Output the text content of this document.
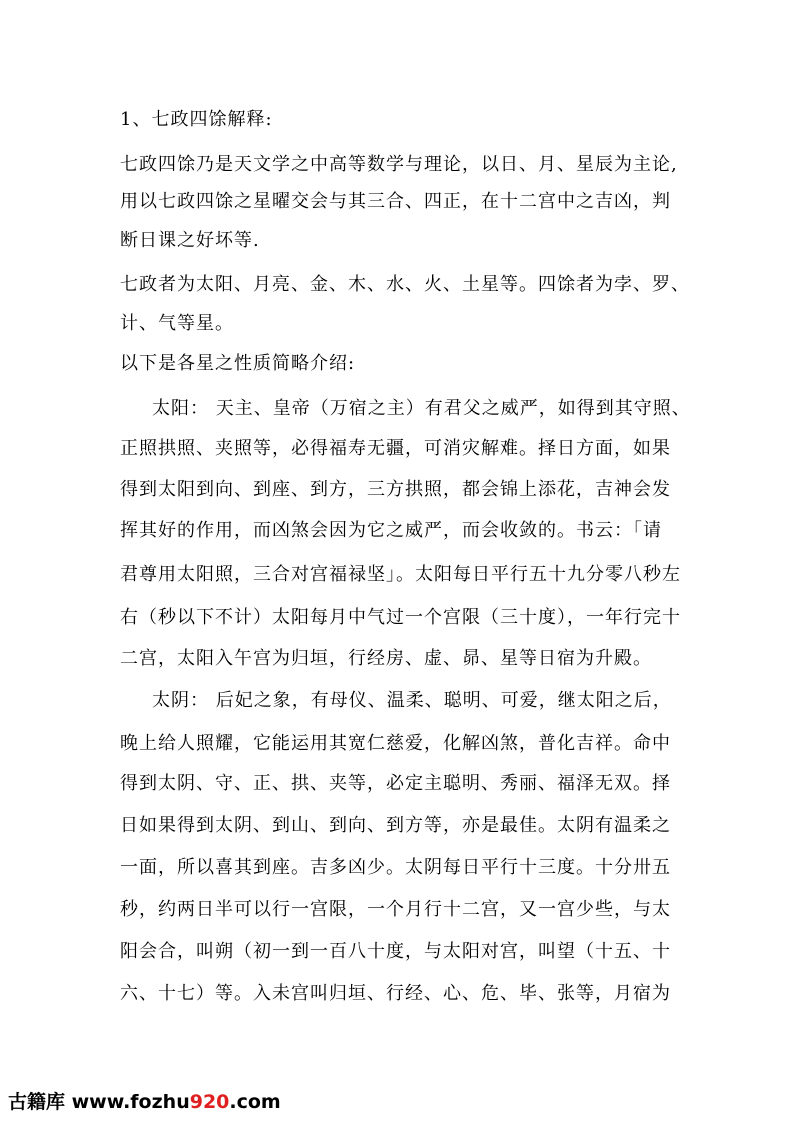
1、七政四馀解释:
七政四馀乃是天文学之中高等数学与理论，以日、月、星辰为主论,
用以七政四馀之星曜交会与其三合、四正，在十二宫中之吉凶，判
断日课之好坏等.
七政者为太阳、月亮、金、木、水、火、土星等。四馀者为孛、罗、
计、气等星。
以下是各星之性质简略介绍:
太阳： 天主、皇帝（万宿之主）有君父之威严，如得到其守照、
正照拱照、夹照等，必得福寿无疆，可消灾解难。择日方面，如果
得到太阳到向、到座、到方，三方拱照，都会锦上添花，吉神会发
挥其好的作用，而凶煞会因为它之威严，而会收敛的。书云：「请
君尊用太阳照，三合对宫福禄坚」。太阳每日平行五十九分零八秒左
右（秒以下不计）太阳每月中气过一个宫限（三十度），一年行完十
二宫，太阳入午宫为归垣，行经房、虚、昴、星等日宿为升殿。
太阴： 后妃之象，有母仪、温柔、聪明、可爱，继太阳之后，
晚上给人照耀，它能运用其宽仁慈爱，化解凶煞，普化吉祥。命中
得到太阴、守、正、拱、夹等，必定主聪明、秀丽、福泽无双。择
日如果得到太阴、到山、到向、到方等，亦是最佳。太阴有温柔之
一面，所以喜其到座。吉多凶少。太阴每日平行十三度。十分卅五
秒，约两日半可以行一宫限，一个月行十二宫，又一宫少些，与太
阳会合，叫朔（初一到一百八十度，与太阳对宫，叫望（十五、十
六、十七）等。入未宫叫归垣、行经、心、危、毕、张等，月宿为
古籍库 www.fozhu920.com
